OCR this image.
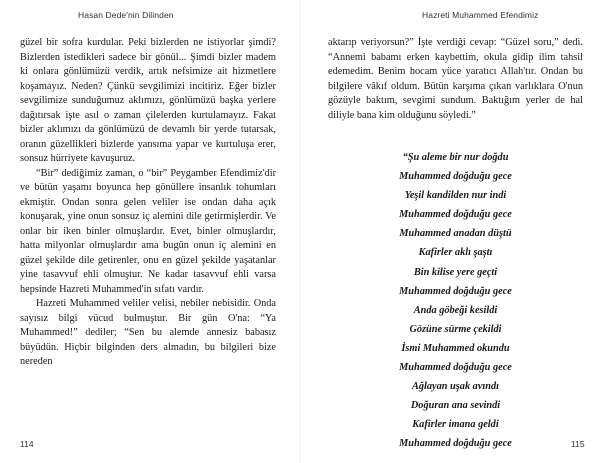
Hasan Dede'nin Dilinden

güzel bir sofra kurdular. Peki bizlerden ne istiyorlar şimdi? Bizlerden istedikleri sadece bir gönül... Şimdi bizler madem ki onlara gönlümüzü verdik, artık nefsimize ait hizmetlere koşamayız. Neden? Çünkü sevgilimizi incitiriz. Eğer bizler sevgilimize sunduğumuz aklımızı, gönlümüzü başka yerlere dağıtırsak işte asıl o zaman çilelerden kurtulamayız. Fakat bizler aklımızı da gönlümüzü de devamlı bir yerde tutarsak, oranın güzellikleri bizlerde yansıma yapar ve kurtuluşa erer, sonsuz hürriyete kavuşuruz.

“Bir” dediğimiz zaman, o “bir” Peygamber Efendimiz'dir ve bütün yaşamı boyunca hep gönüllere insanlık tohumları ekmiştir. Ondan sonra gelen veliler ise ondan daha açık konuşarak, yine onun sonsuz iç alemini dile getirmişlerdir. Ve onlar bir iken binler olmuşlardır. Evet, binler olmuşlardır, hatta milyonlar olmuşlardır ama bugün onun iç alemini en güzel şekilde dile getirenler, onu en güzel şekilde yaşatanlar yine tasavvuf ehli olmuştur. Ne kadar tasavvuf ehli varsa hepsinde Hazreti Muhammed'in sıfatı vardır.

Hazreti Muhammed veliler velisi, nebiler nebisidir. Onda sayısız bilgi vücud bulmuştur. Bir gün O'na: “Ya Muhammed!” dediler; “Sen bu alemde annesiz babasız büyüdün. Hiçbir bilginden ders almadın, bu bilgileri bize nereden

114
Hazreti Muhammed Efendimiz

aktarıp veriyorsun?” İşte verdiği cevap: “Güzel soru,” dedi. “Annemi babamı erken kaybettim, okula gidip ilim tahsil edemedim. Benim hocam yüce yaratıcı Allah'tır. Ondan bu bilgilere vâkıf oldum. Bütün karşıma çıkan varlıklara O'nun gözüyle baktım, sevgimi sundum. Baktığım yerler de hal diliyle bana kim olduğunu söyledi.”

“Şu aleme bir nur doğdu
Muhammed doğduğu gece
Yeşil kandilden nur indi
Muhammed doğduğu gece
Muhammed anadan düştü
Kafirler aklı şaştı
Bin kilise yere geçti
Muhammed doğduğu gece
Anda göbeği kesildi
Gözüne sürme çekildi
İsmi Muhammed okundu
Muhammed doğduğu gece
Ağlayan uşak avındı
Doğuran ana sevindi
Kafirler imana geldi
Muhammed doğduğu gece	115
